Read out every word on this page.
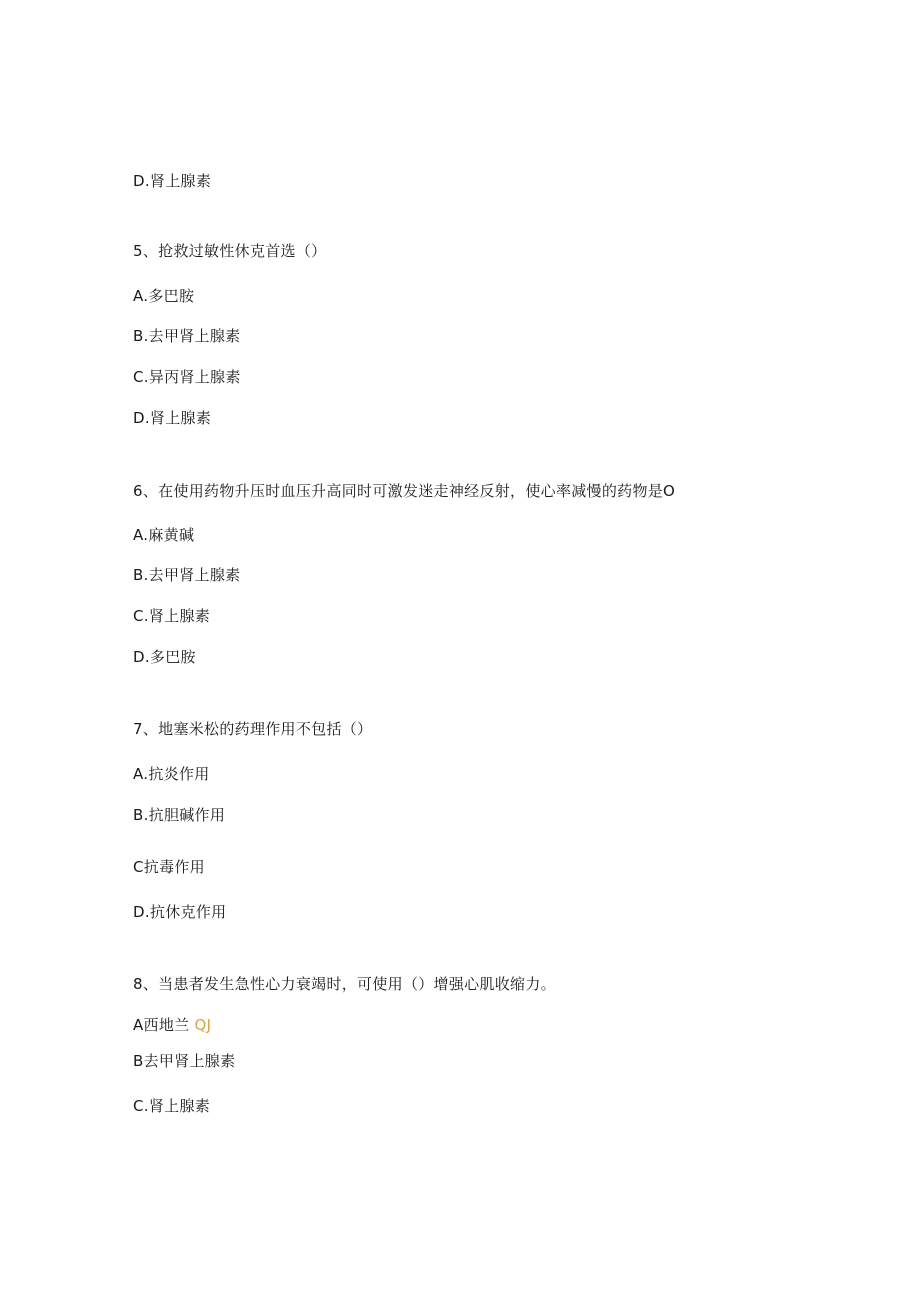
D.肾上腺素
5、抢救过敏性休克首选（）
A.多巴胺
B.去甲肾上腺素
C.异丙肾上腺素
D.肾上腺素
6、在使用药物升压时血压升高同时可激发迷走神经反射，使心率减慢的药物是O
A.麻黄碱
B.去甲肾上腺素
C.肾上腺素
D.多巴胺
7、地塞米松的药理作用不包括（）
A.抗炎作用
B.抗胆碱作用
C抗毒作用
D.抗休克作用
8、当患者发生急性心力衰竭时，可使用（）增强心肌收缩力。
A西地兰 QJ
B去甲肾上腺素
C.肾上腺素
